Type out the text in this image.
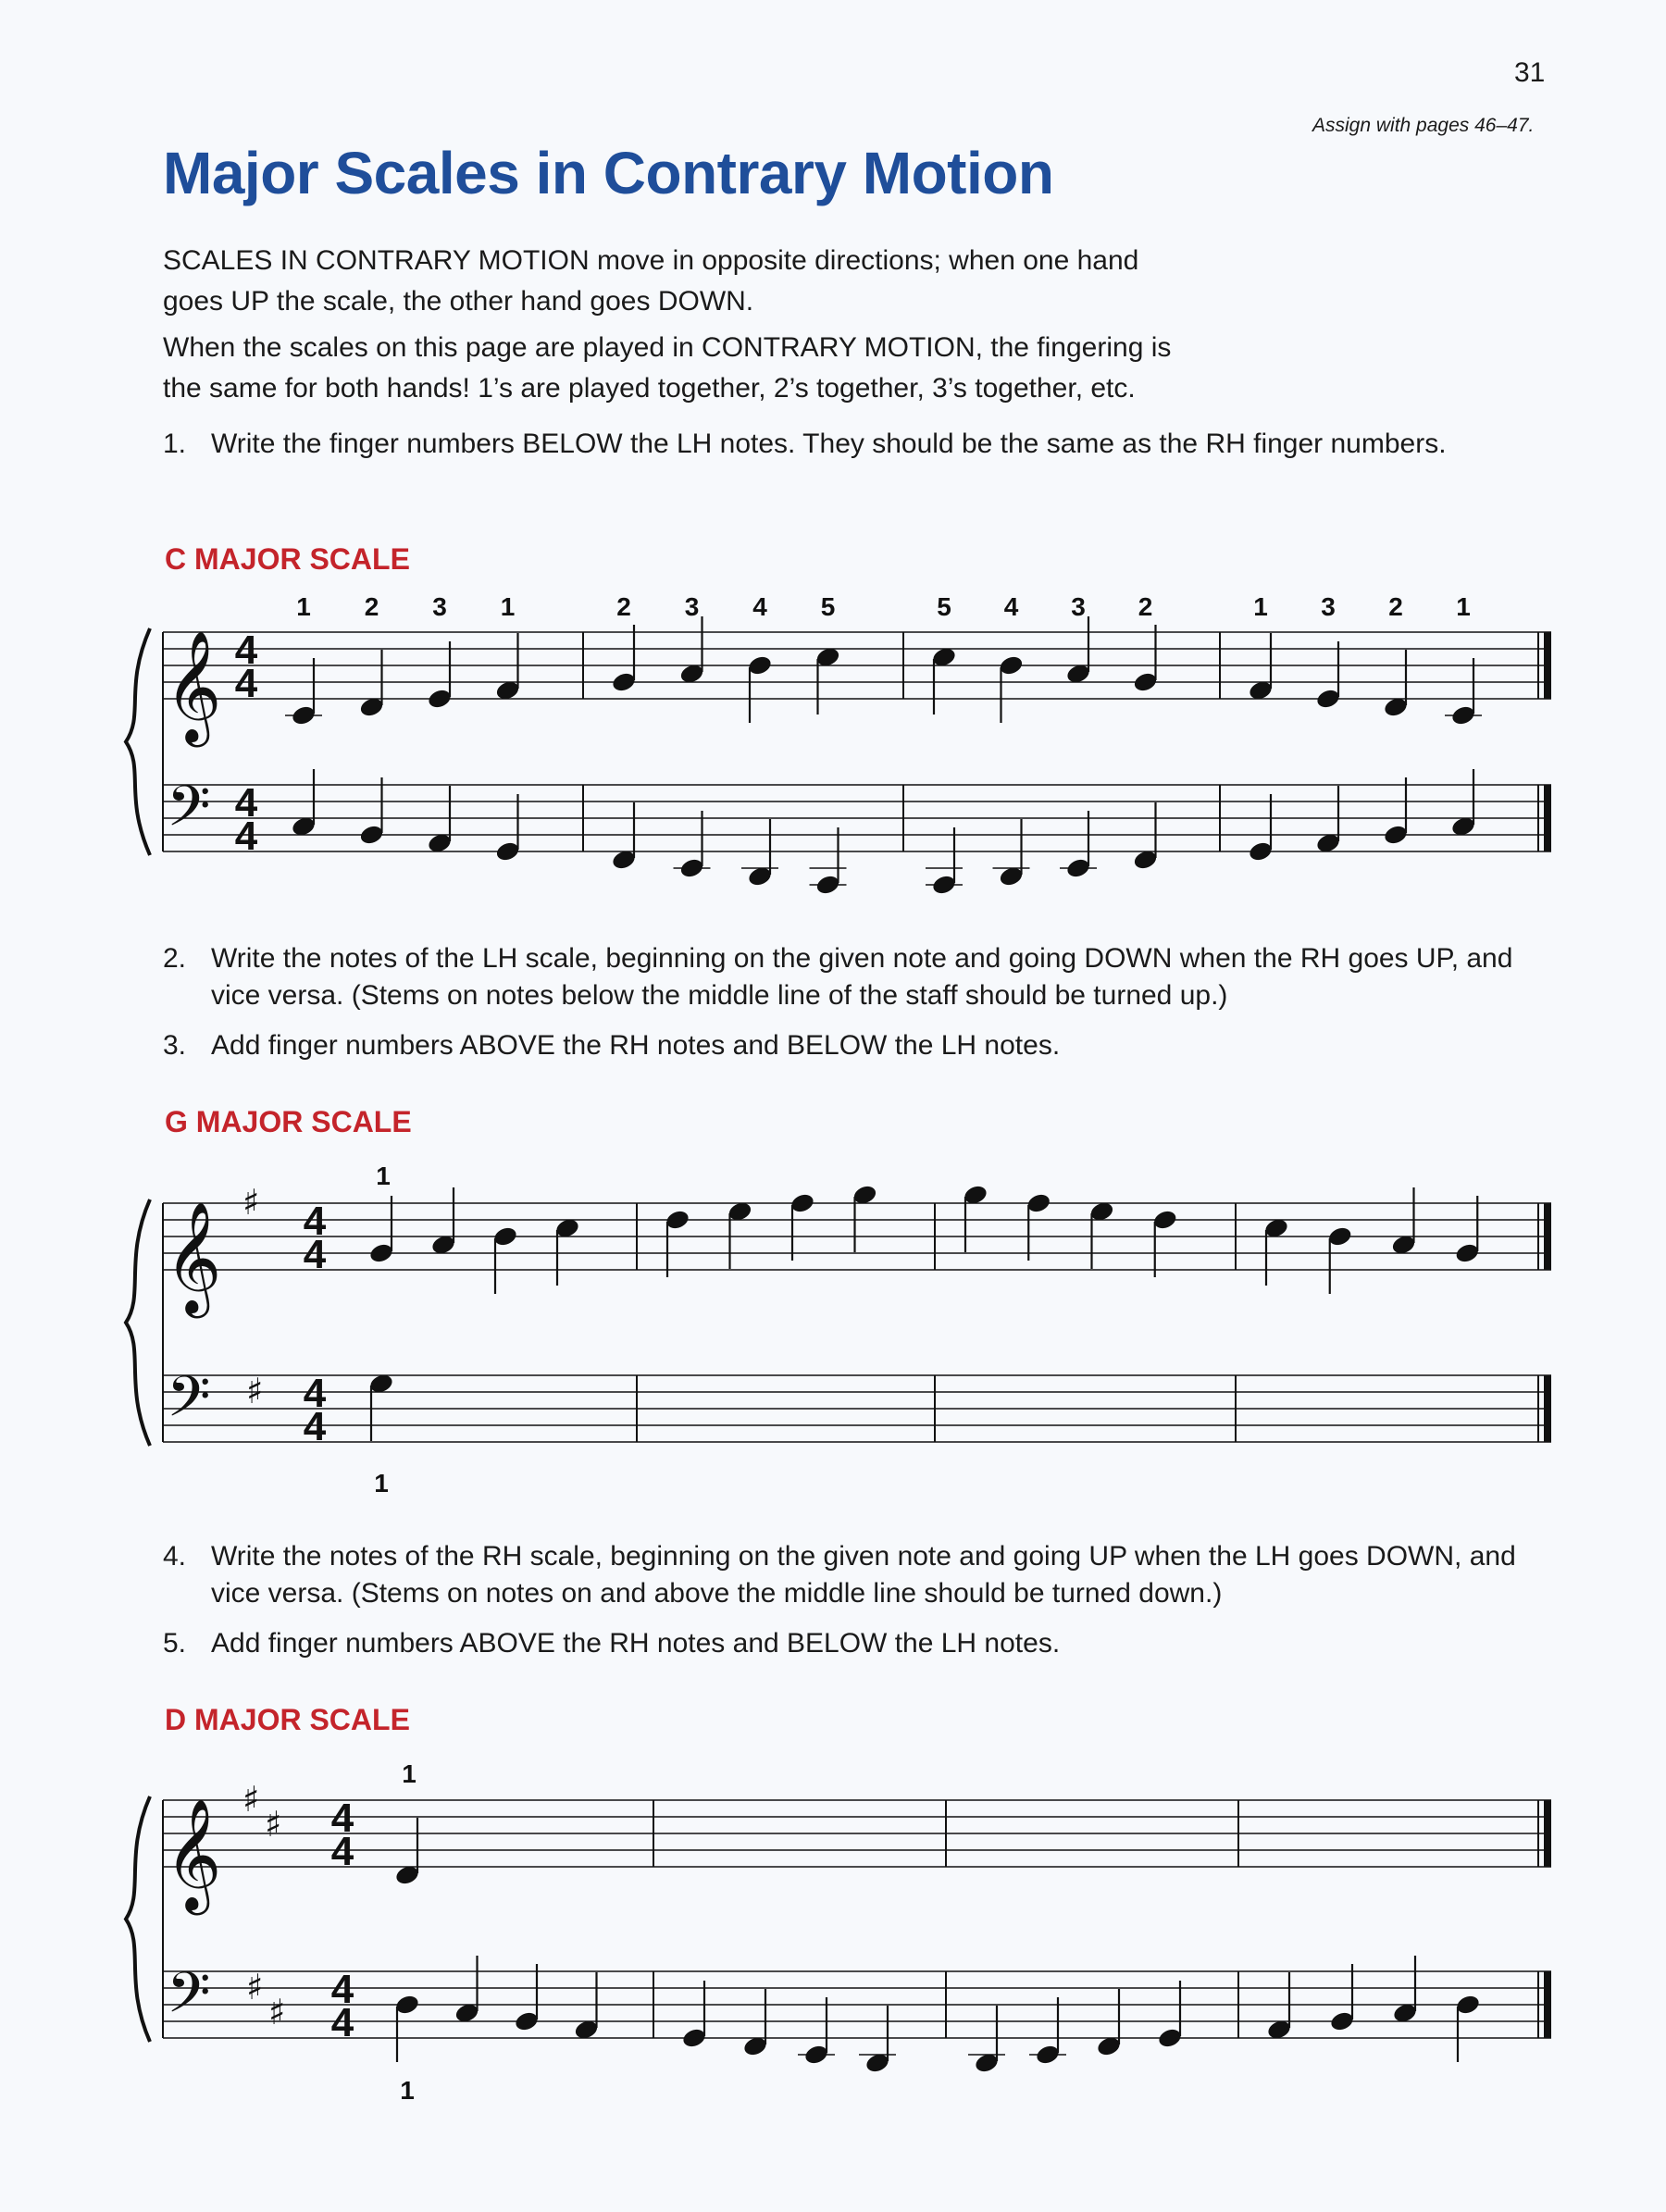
31
Assign with pages 46–47.
Major Scales in Contrary Motion
SCALES IN CONTRARY MOTION move in opposite directions; when one hand
goes UP the scale, the other hand goes DOWN.
When the scales on this page are played in CONTRARY MOTION, the fingering is
the same for both hands! 1’s are played together, 2’s together, 3’s together, etc.
1. Write the finger numbers BELOW the LH notes. They should be the same as the RH finger numbers.
C MAJOR SCALE
𝄞
𝄢
4
4
4
4
1 2 3 1	2 3 4 5	5 4 3 2	1 3 2 1
2. Write the notes of the LH scale, beginning on the given note and going DOWN when the RH goes UP, and vice versa. (Stems on notes below the middle line of the staff should be turned up.)
3. Add finger numbers ABOVE the RH notes and BELOW the LH notes.
G MAJOR SCALE
𝄞
𝄢
♯
♯
4
4
4
4
1
1
4. Write the notes of the RH scale, beginning on the given note and going UP when the LH goes DOWN, and vice versa. (Stems on notes on and above the middle line should be turned down.)
5. Add finger numbers ABOVE the RH notes and BELOW the LH notes.
D MAJOR SCALE
𝄞
𝄢
♯
♯
♯
♯
4
4
4
4
1
1
